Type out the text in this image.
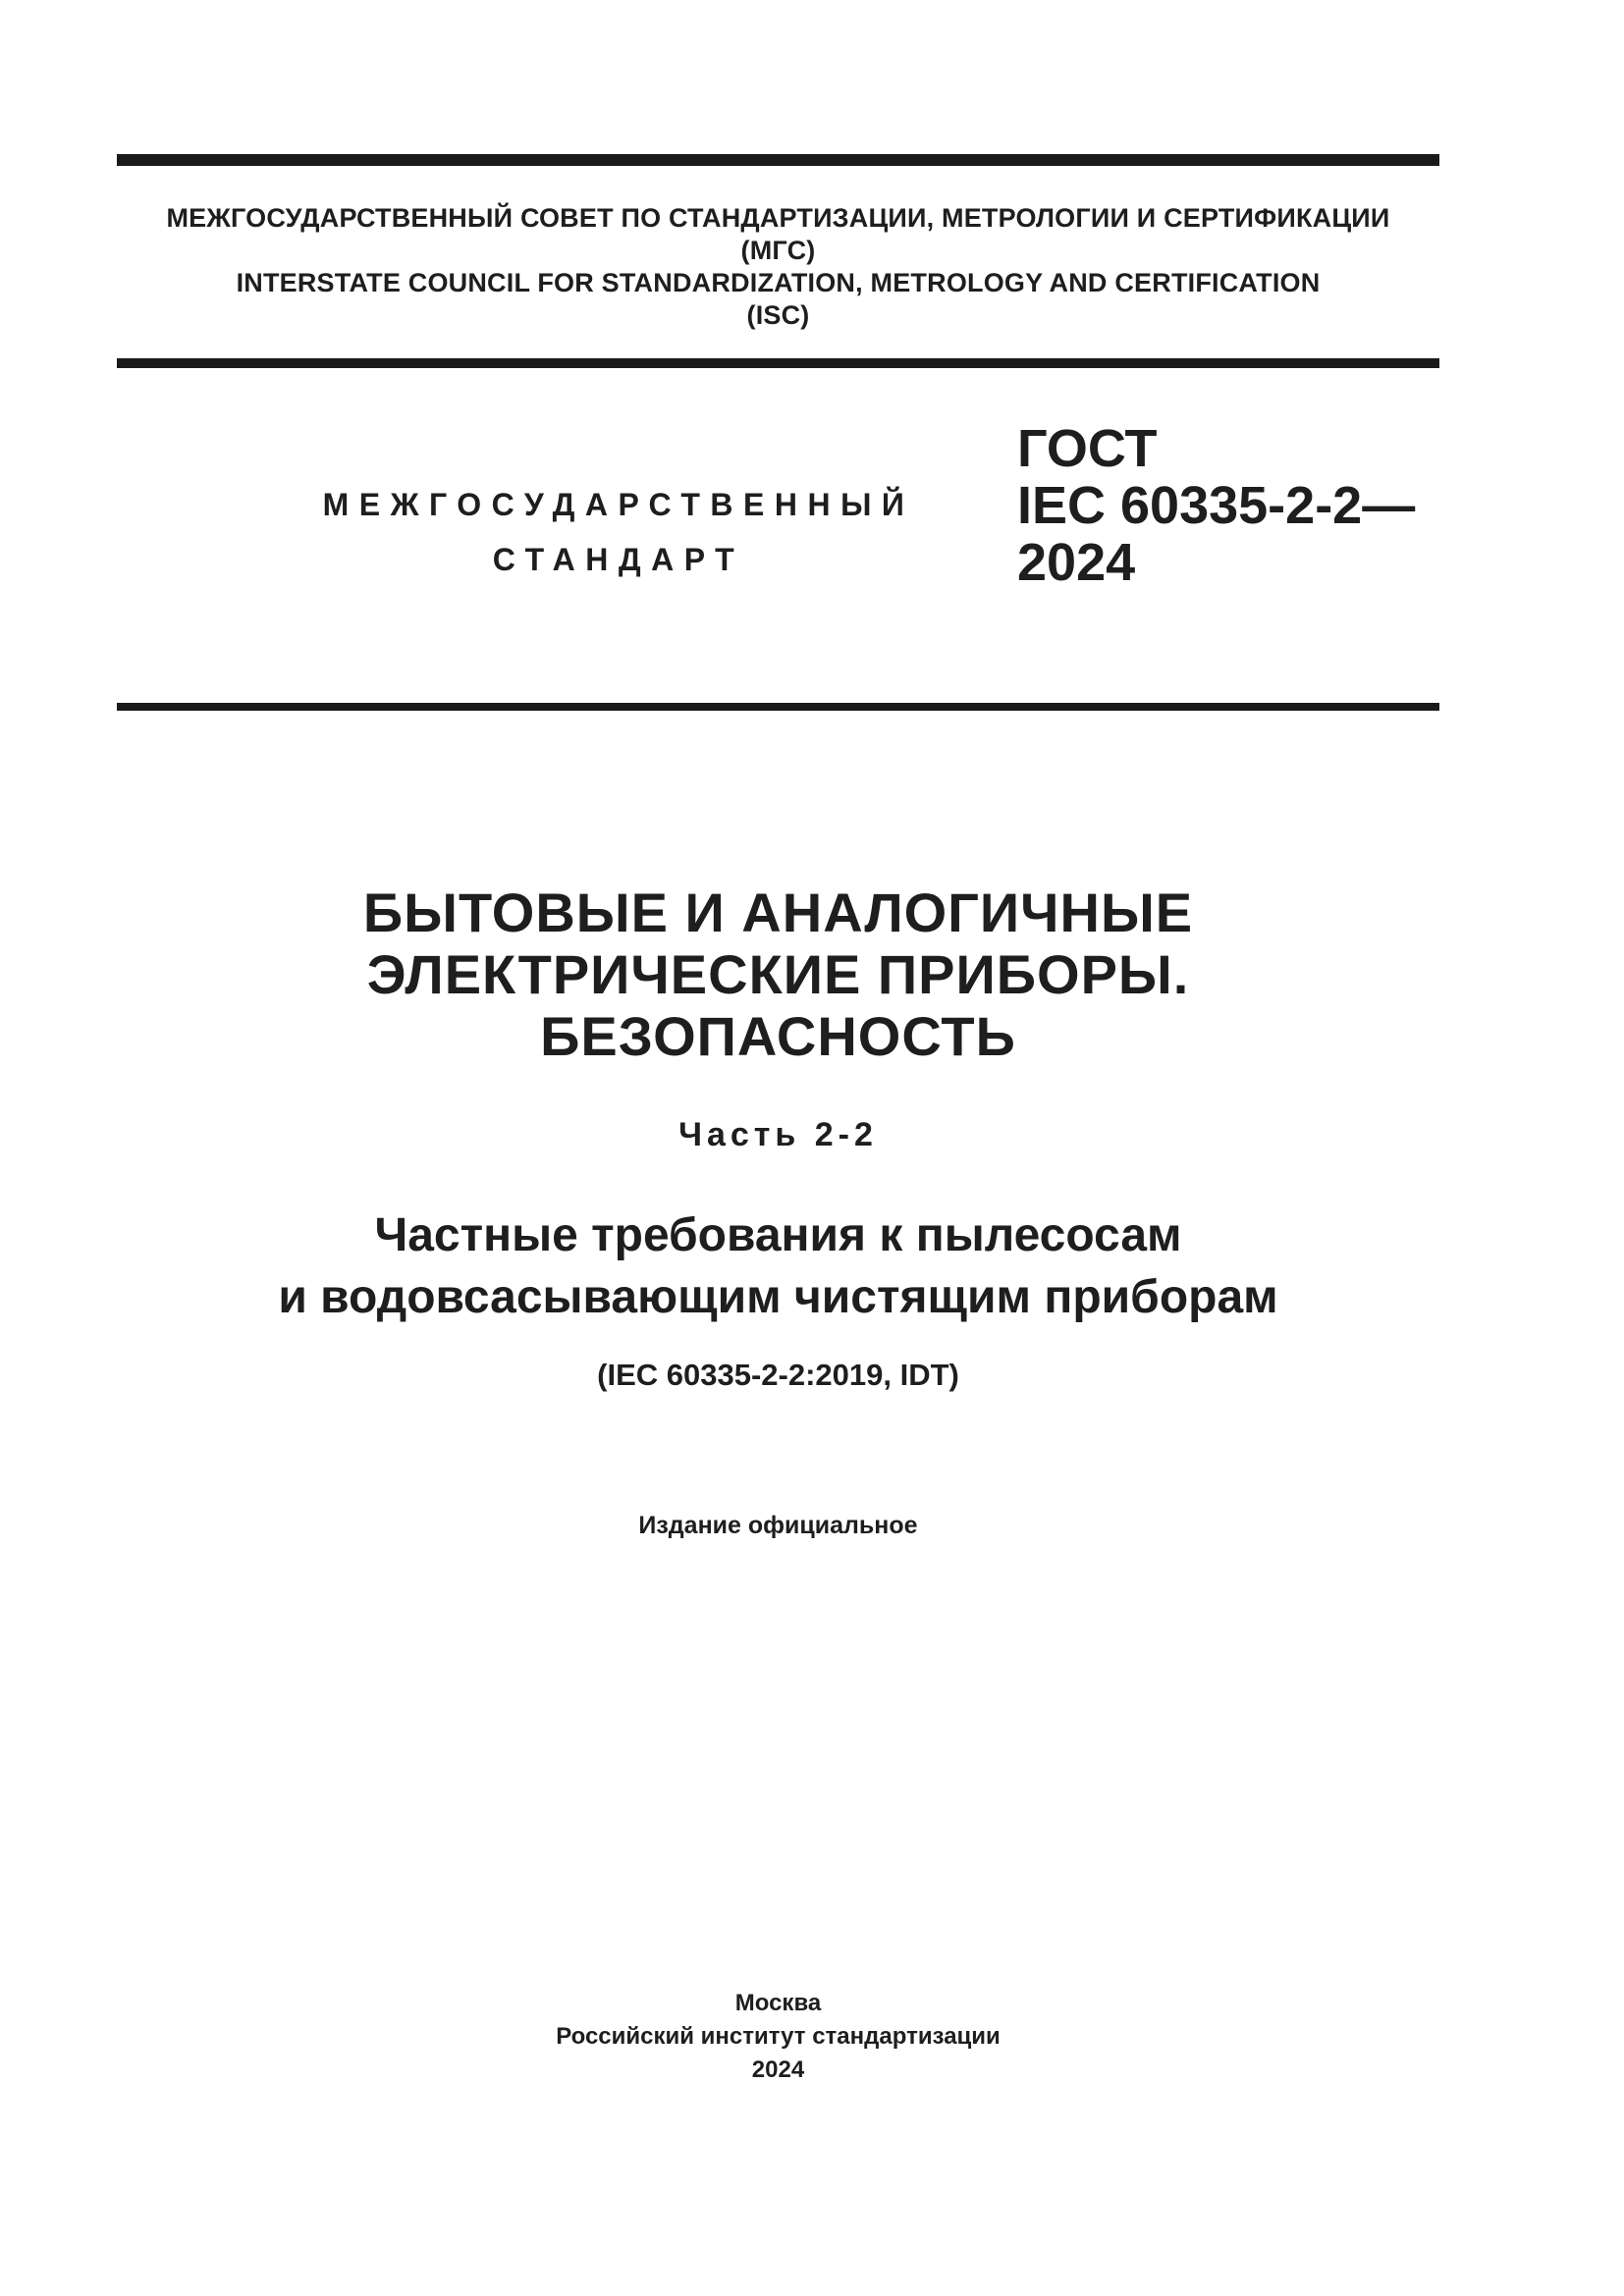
МЕЖГОСУДАРСТВЕННЫЙ СОВЕТ ПО СТАНДАРТИЗАЦИИ, МЕТРОЛОГИИ И СЕРТИФИКАЦИИ
(МГС)
INTERSTATE COUNCIL FOR STANDARDIZATION, METROLOGY AND CERTIFICATION
(ISC)
МЕЖГОСУДАРСТВЕННЫЙ
СТАНДАРТ
ГОСТ
IEC 60335-2-2—
2024
БЫТОВЫЕ И АНАЛОГИЧНЫЕ
ЭЛЕКТРИЧЕСКИЕ ПРИБОРЫ.
БЕЗОПАСНОСТЬ
Часть 2-2
Частные требования к пылесосам
и водовсасывающим чистящим приборам
(IEC 60335-2-2:2019, IDT)
Издание официальное
Москва
Российский институт стандартизации
2024
